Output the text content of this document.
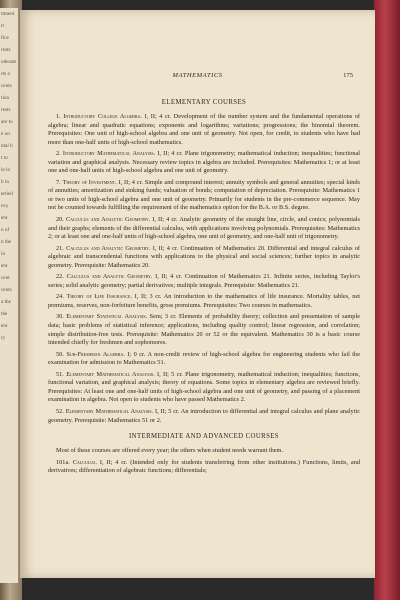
ttment
tr
fice
rests
oderate
rts o
cents
tion
rests
are to
e on
ntal b
t to
le in
b in
ertied
ncy
ent
n of
n the
in
ent
cent
cents
a the
the
ent
ry
MATHEMATICS	175
ELEMENTARY COURSES

1. Introductory College Algebra. I, II; 4 cr. Development of the number system and the fundamental operations of algebra; linear and quadratic equations; exponents and logarithms; variations; progressions; the binomial theorem. Prerequisites: One unit of high-school algebra and one unit of geometry. Not open, for credit, to students who have had more than one-half units of high-school mathematics.

2. Introductory Mathematical Analysis. I, II; 4 cr. Plane trigonometry; mathematical induction; inequalities; functional variation and graphical analysis. Necessary review topics in algebra are included. Prerequisites: Mathematics 1; or at least one and one-half units of high-school algebra and one unit of geometry.

7. Theory of Investment. I, II; 4 cr. Simple and compound interest; annuity symbols and general annuities; special kinds of annuities; amortization and sinking funds; valuation of bonds; computation of depreciation. Prerequisite: Mathematics 1 or two units of high-school algebra and one unit of geometry. Primarily for students in the pre-commerce sequence. May not be counted towards fulfilling the requirement of the mathematics option for the B.A. or B.S. degree.

20. Calculus and Analytic Geometry. I, II; 4 cr. Analytic geometry of the straight line, circle, and conics; polynomials and their graphs; elements of the differential calculus, with applications involving polynomials. Prerequisites: Mathematics 2; or at least one and one-half units of high-school algebra, one unit of geometry, and one-half unit of trigonometry.

21. Calculus and Analytic Geometry. I, II; 4 cr. Continuation of Mathematics 20. Differential and integral calculus of algebraic and transcendental functions with applications to the physical and social sciences; further topics in analytic geometry. Prerequisite: Mathematics 20.

22. Calculus and Analytic Geometry. I, II; 4 cr. Continuation of Mathematics 21. Infinite series, including Taylor's series; solid analytic geometry; partial derivatives; multiple integrals. Prerequisite: Mathematics 21.

24. Theory of Life Insurance. I, II; 3 cr. An introduction to the mathematics of life insurance. Mortality tables, net premiums, reserves, non-forfeiture benefits, gross premiums. Prerequisites: Two courses in mathematics.

30. Elementary Statistical Analysis. Sem; 3 cr. Elements of probability theory; collection and presentation of sample data; basic problems of statistical inference; applications, including quality control; linear regression, and correlation; simple distribution-free tests. Prerequisite: Mathematics 20 or 52 or the equivalent. Mathematics 30 is a basic course intended chiefly for freshmen and sophomores.

50. Sub-Freshman Algebra. I; 0 cr. A non-credit review of high-school algebra for engineering students who fail the examination for admission to Mathematics 51.

51. Elementary Mathematical Analysis. I, II; 5 cr. Plane trigonometry, mathematical induction; inequalities; functions, functional variation, and graphical analysis; theory of equations. Some topics in elementary algebra are reviewed briefly. Prerequisites: At least one and one-half units of high-school algebra and one unit of geometry, and passing of a placement examination in algebra. Not open to students who have passed Mathematics 2.

52. Elementary Mathematical Analysis. I, II; 5 cr. An introduction to differential and integral calculus and plane analytic geometry. Prerequisite: Mathematics 51 or 2.

INTERMEDIATE AND ADVANCED COURSES
Most of these courses are offered every year; the others when student needs warrant them.

101a. Calculus. I, II; 4 cr. (Intended only for students transferring from other institutions.) Functions, limits, and derivatives; differentiation of algebraic functions; differentials;
